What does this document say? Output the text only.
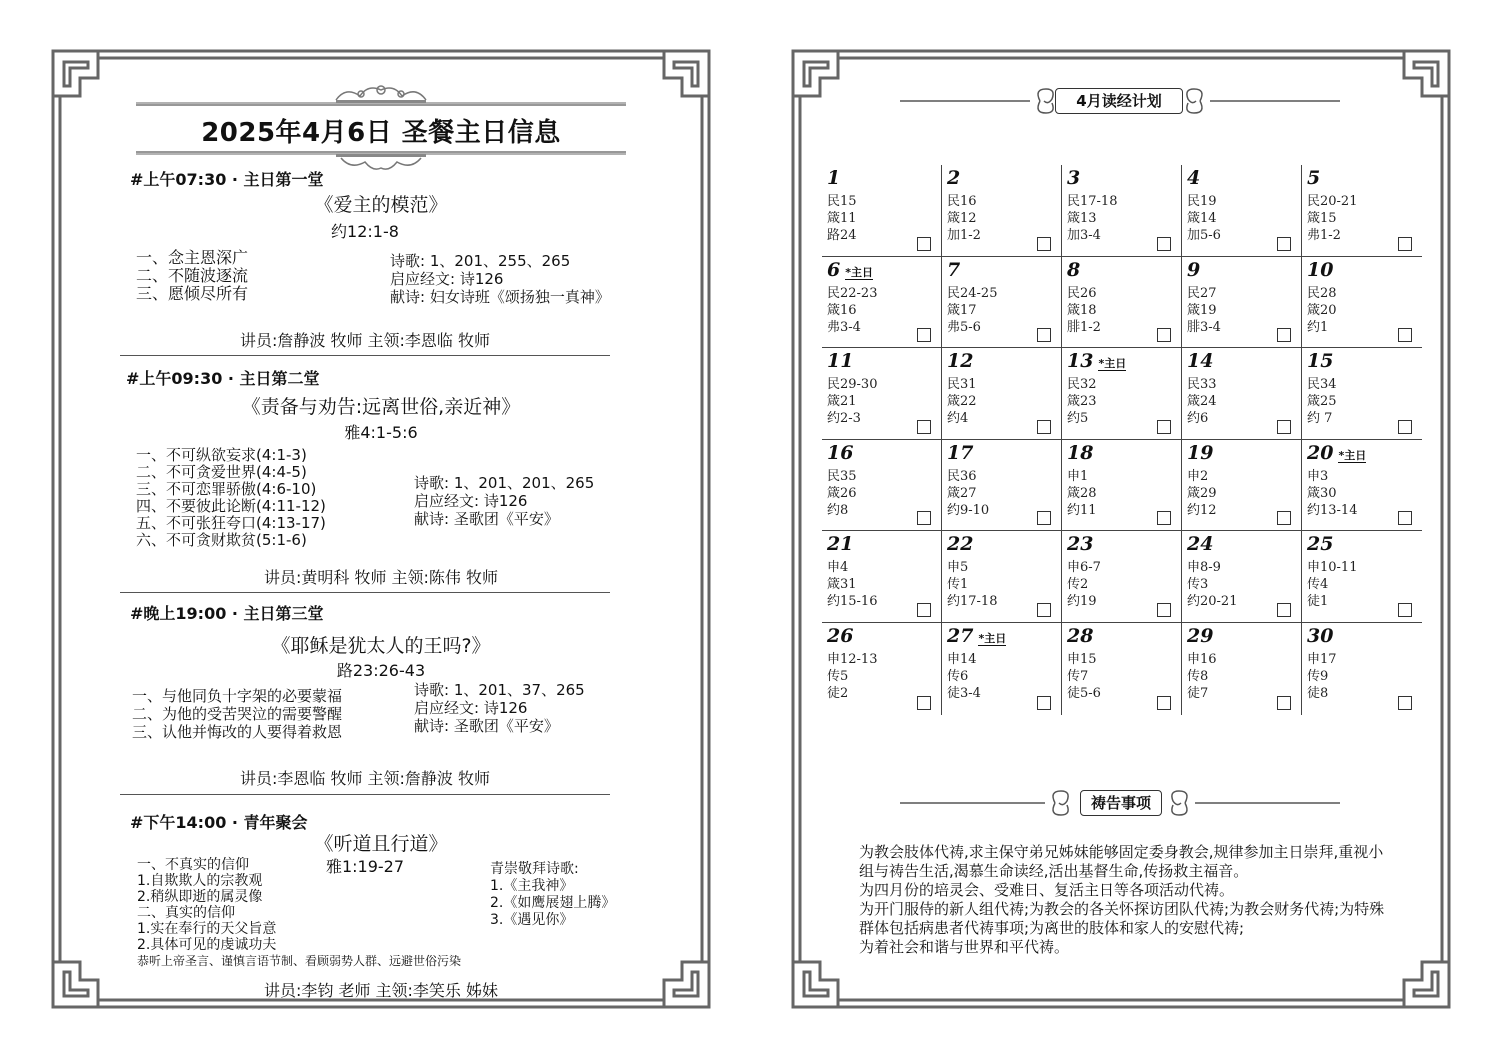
2025年4月6日 圣餐主日信息
#上午07:30 · 主日第一堂
《爱主的模范》
约12:1-8
一、念主恩深广
二、不随波逐流
三、愿倾尽所有
诗歌: 1、201、255、265
启应经文: 诗126
献诗: 妇女诗班《颂扬独一真神》
讲员:詹静波 牧师 主领:李恩临 牧师
#上午09:30 · 主日第二堂
《责备与劝告:远离世俗,亲近神》
雅4:1-5:6
一、不可纵欲妄求(4:1-3)
二、不可贪爱世界(4:4-5)
三、不可恋罪骄傲(4:6-10)
四、不要彼此论断(4:11-12)
五、不可张狂夸口(4:13-17)
六、不可贪财欺贫(5:1-6)
诗歌: 1、201、201、265
启应经文: 诗126
献诗: 圣歌团《平安》
讲员:黄明科 牧师 主领:陈伟 牧师
#晚上19:00 · 主日第三堂
《耶稣是犹太人的王吗?》
路23:26-43
一、与他同负十字架的必要蒙福
二、为他的受苦哭泣的需要警醒
三、认他并悔改的人要得着救恩
诗歌: 1、201、37、265
启应经文: 诗126
献诗: 圣歌团《平安》
讲员:李恩临 牧师 主领:詹静波 牧师
#下午14:00 · 青年聚会
《听道且行道》
雅1:19-27
一、不真实的信仰
1.自欺欺人的宗教观
2.稍纵即逝的属灵像
二、真实的信仰
1.实在奉行的天父旨意
2.具体可见的虔诚功夫
恭听上帝圣言、谨慎言语节制、看顾弱势人群、远避世俗污染
青崇敬拜诗歌:
1.《主我神》
2.《如鹰展翅上腾》
3.《遇见你》
讲员:李钧 老师 主领:李笑乐 姊妹
4月读经计划
1
民15
箴11
路24
2
民16
箴12
加1-2
3
民17-18
箴13
加3-4
4
民19
箴14
加5-6
5
民20-21
箴15
弗1-2
6 *主日
民22-23
箴16
弗3-4
7
民24-25
箴17
弗5-6
8
民26
箴18
腓1-2
9
民27
箴19
腓3-4
10
民28
箴20
约1
11
民29-30
箴21
约2-3
12
民31
箴22
约4
13 *主日
民32
箴23
约5
14
民33
箴24
约6
15
民34
箴25
约 7
16
民35
箴26
约8
17
民36
箴27
约9-10
18
申1
箴28
约11
19
申2
箴29
约12
20 *主日
申3
箴30
约13-14
21
申4
箴31
约15-16
22
申5
传1
约17-18
23
申6-7
传2
约19
24
申8-9
传3
约20-21
25
申10-11
传4
徒1
26
申12-13
传5
徒2
27 *主日
申14
传6
徒3-4
28
申15
传7
徒5-6
29
申16
传8
徒7
30
申17
传9
徒8
祷告事项
为教会肢体代祷,求主保守弟兄姊妹能够固定委身教会,规律参加主日崇拜,重视小组与祷告生活,渴慕生命读经,活出基督生命,传扬救主福音。
为四月份的培灵会、受难日、复活主日等各项活动代祷。
为开门服侍的新人组代祷;为教会的各关怀探访团队代祷;为教会财务代祷;为特殊群体包括病患者代祷事项;为离世的肢体和家人的安慰代祷;
为着社会和谐与世界和平代祷。
